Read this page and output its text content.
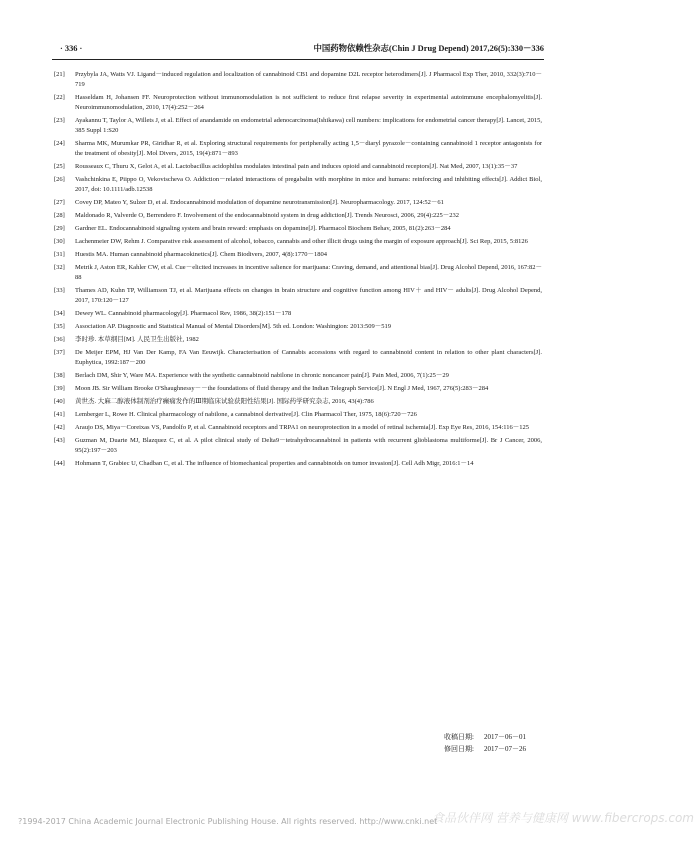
· 336 ·	中国药物依赖性杂志(Chin J Drug Depend) 2017,26(5):330－336
[21] Przybyla JA, Watts VJ. Ligand－induced regulation and localization of cannabinoid CB1 and dopamine D2L receptor heterodimers[J]. J Pharmacol Exp Ther, 2010, 332(3):710－719
[22] Hasseldam H, Johansen FF. Neuroprotection without immunomodulation is not sufficient to reduce first relapse severity in experimental autoimmune encephalomyelitis[J]. Neuroimmunomodulation, 2010, 17(4):252－264
[23] Ayakannu T, Taylor A, Willets J, et al. Effect of anandamide on endometrial adenocarcinoma(Ishikawa) cell numbers: implications for endometrial cancer therapy[J]. Lancet, 2015, 385 Suppl 1:S20
[24] Sharma MK, Murumkar PR, Giridhar R, et al. Exploring structural requirements for peripherally acting 1,5－diaryl pyrazole－containing cannabinoid 1 receptor antagonists for the treatment of obesity[J]. Mol Divers, 2015, 19(4):871－893
[25] Rousseaux C, Thuru X, Gelot A, et al. Lactobacillus acidophilus modulates intestinal pain and induces opioid and cannabinoid receptors[J]. Nat Med, 2007, 13(1):35－37
[26] Vashchinkina E, Piippo O, Vekovischeva O. Addiction－related interactions of pregabalin with morphine in mice and humans: reinforcing and inhibiting effects[J]. Addict Biol, 2017, doi: 10.1111/adb.12538
[27] Covey DP, Mateo Y, Sulzer D, et al. Endocannabinoid modulation of dopamine neurotransmission[J]. Neuropharmacology. 2017, 124:52－61
[28] Maldonado R, Valverde O, Berrendero F. Involvement of the endocannabinoid system in drug addiction[J]. Trends Neurosci, 2006, 29(4):225－232
[29] Gardner EL. Endocannabinoid signaling system and brain reward: emphasis on dopamine[J]. Pharmacol Biochem Behav, 2005, 81(2):263－284
[30] Lachenmeier DW, Rehm J. Comparative risk assessment of alcohol, tobacco, cannabis and other illicit drugs using the margin of exposure approach[J]. Sci Rep, 2015, 5:8126
[31] Huestis MA. Human cannabinoid pharmacokinetics[J]. Chem Biodivers, 2007, 4(8):1770－1804
[32] Metrik J, Aston ER, Kahler CW, et al. Cue－elicited increases in incentive salience for marijuana: Craving, demand, and attentional bias[J]. Drug Alcohol Depend, 2016, 167:82－88
[33] Thames AD, Kuhn TP, Williamson TJ, et al. Marijuana effects on changes in brain structure and cognitive function among HIV＋ and HIV－ adults[J]. Drug Alcohol Depend, 2017, 170:120－127
[34] Dewey WL. Cannabinoid pharmacology[J]. Pharmacol Rev, 1986, 38(2):151－178
[35] Association AP. Diagnostic and Statistical Manual of Mental Disorders[M]. 5th ed. London: Washington: 2013:509－519
[36] 李时珍. 本草纲目[M]. 人民卫生出版社, 1982
[37] De Meijer EPM, HJ Van Der Kamp, FA Van Eeuwijk. Characterisation of Cannabis accessions with regard to cannabinoid content in relation to other plant characters[J]. Euphytica, 1992:187－200
[38] Berlach DM, Shir Y, Ware MA. Experience with the synthetic cannabinoid nabilone in chronic noncancer pain[J]. Pain Med, 2006, 7(1):25－29
[39] Moon JB. Sir William Brooke O'Shaughnessy－－the foundations of fluid therapy and the Indian Telegraph Service[J]. N Engl J Med, 1967, 276(5):283－284
[40] 黄世杰. 大麻二醇液体制剂治疗癫痫发作的Ⅲ期临床试验获阳性结果[J]. 国际药学研究杂志, 2016, 43(4):786
[41] Lemberger L, Rowe H. Clinical pharmacology of nabilone, a cannabinol derivative[J]. Clin Pharmacol Ther, 1975, 18(6):720－726
[42] Araujo DS, Miya－Coreixas VS, Pandolfo P, et al. Cannabinoid receptors and TRPA1 on neuroprotection in a model of retinal ischemia[J]. Exp Eye Res, 2016, 154:116－125
[43] Guzman M, Duarte MJ, Blazquez C, et al. A pilot clinical study of Delta9－tetrahydrocannabinol in patients with recurrent glioblastoma multiforme[J]. Br J Cancer, 2006, 95(2):197－203
[44] Hohmann T, Grabiec U, Chadban C, et al. The influence of biomechanical properties and cannabinoids on tumor invasion[J]. Cell Adh Migr, 2016:1－14
收稿日期: 2017－06－01
修回日期: 2017－07－26
食品伙伴网 营养与健康网 www.fibercrops.com
?1994-2017 China Academic Journal Electronic Publishing House. All rights reserved. http://www.cnki.net
